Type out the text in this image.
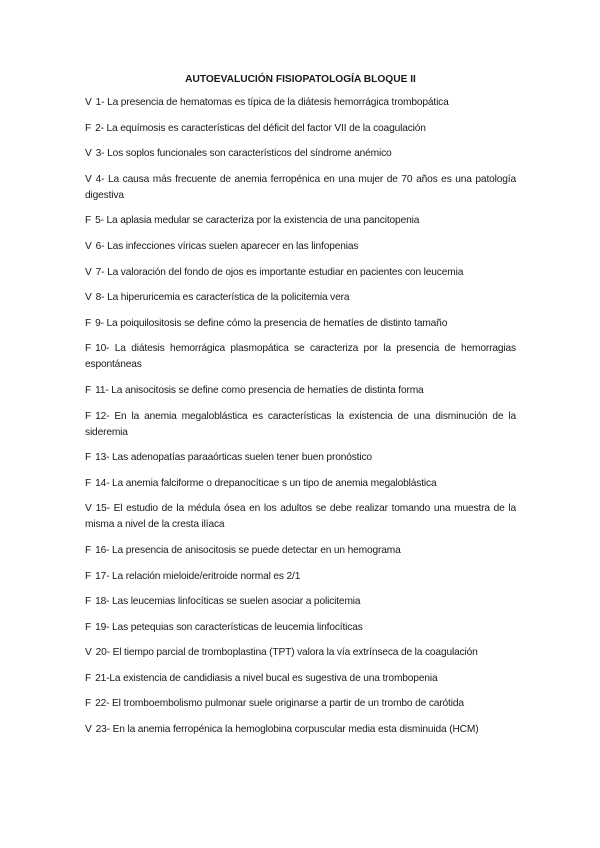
AUTOEVALUCIÓN FISIOPATOLOGÍA BLOQUE II
V 1- La presencia de hematomas es típica de la diátesis hemorrágica trombopática
F 2- La equímosis es características del déficit del factor VII de la coagulación
V 3- Los soplos funcionales son característicos del síndrome anémico
V 4- La causa más frecuente de anemia ferropénica en una mujer de 70 años es una patología digestiva
F 5- La aplasia medular se caracteriza por la existencia de una pancitopenia
V 6- Las infecciones víricas suelen aparecer en las linfopenias
V 7- La valoración del fondo de ojos es importante estudiar en pacientes con leucemia
V 8- La hiperuricemia es característica de la policitemia vera
F 9- La poiquilositosis se define cómo la presencia de hematíes de distinto tamaño
F 10- La diátesis hemorrágica plasmopática se caracteriza por la presencia de hemorragias espontáneas
F 11- La anisocitosis se define como presencia de hematíes de distinta forma
F 12- En la anemia megaloblástica es características la existencia de una disminución de la sideremia
F 13- Las adenopatías paraaórticas suelen tener buen pronóstico
F 14- La anemia falciforme o drepanocíticae s un tipo de anemia megaloblástica
V 15- El estudio de la médula ósea en los adultos se debe realizar tomando una muestra de la misma a nivel de la cresta ilíaca
F 16- La presencia de anisocitosis se puede detectar en un hemograma
F 17- La relación mieloide/eritroide normal es 2/1
F 18- Las leucemias linfocíticas se suelen asociar a policitemia
F 19- Las petequias son características de leucemia linfocíticas
V 20- El tiempo parcial de tromboplastina (TPT) valora la vía extrínseca de la coagulación
F 21-La existencia de candidiasis a nivel bucal es sugestiva de una trombopenia
F 22- El tromboembolismo pulmonar suele originarse a partir de un trombo de carótida
V 23- En la anemia ferropénica la hemoglobina corpuscular media esta disminuida (HCM)
